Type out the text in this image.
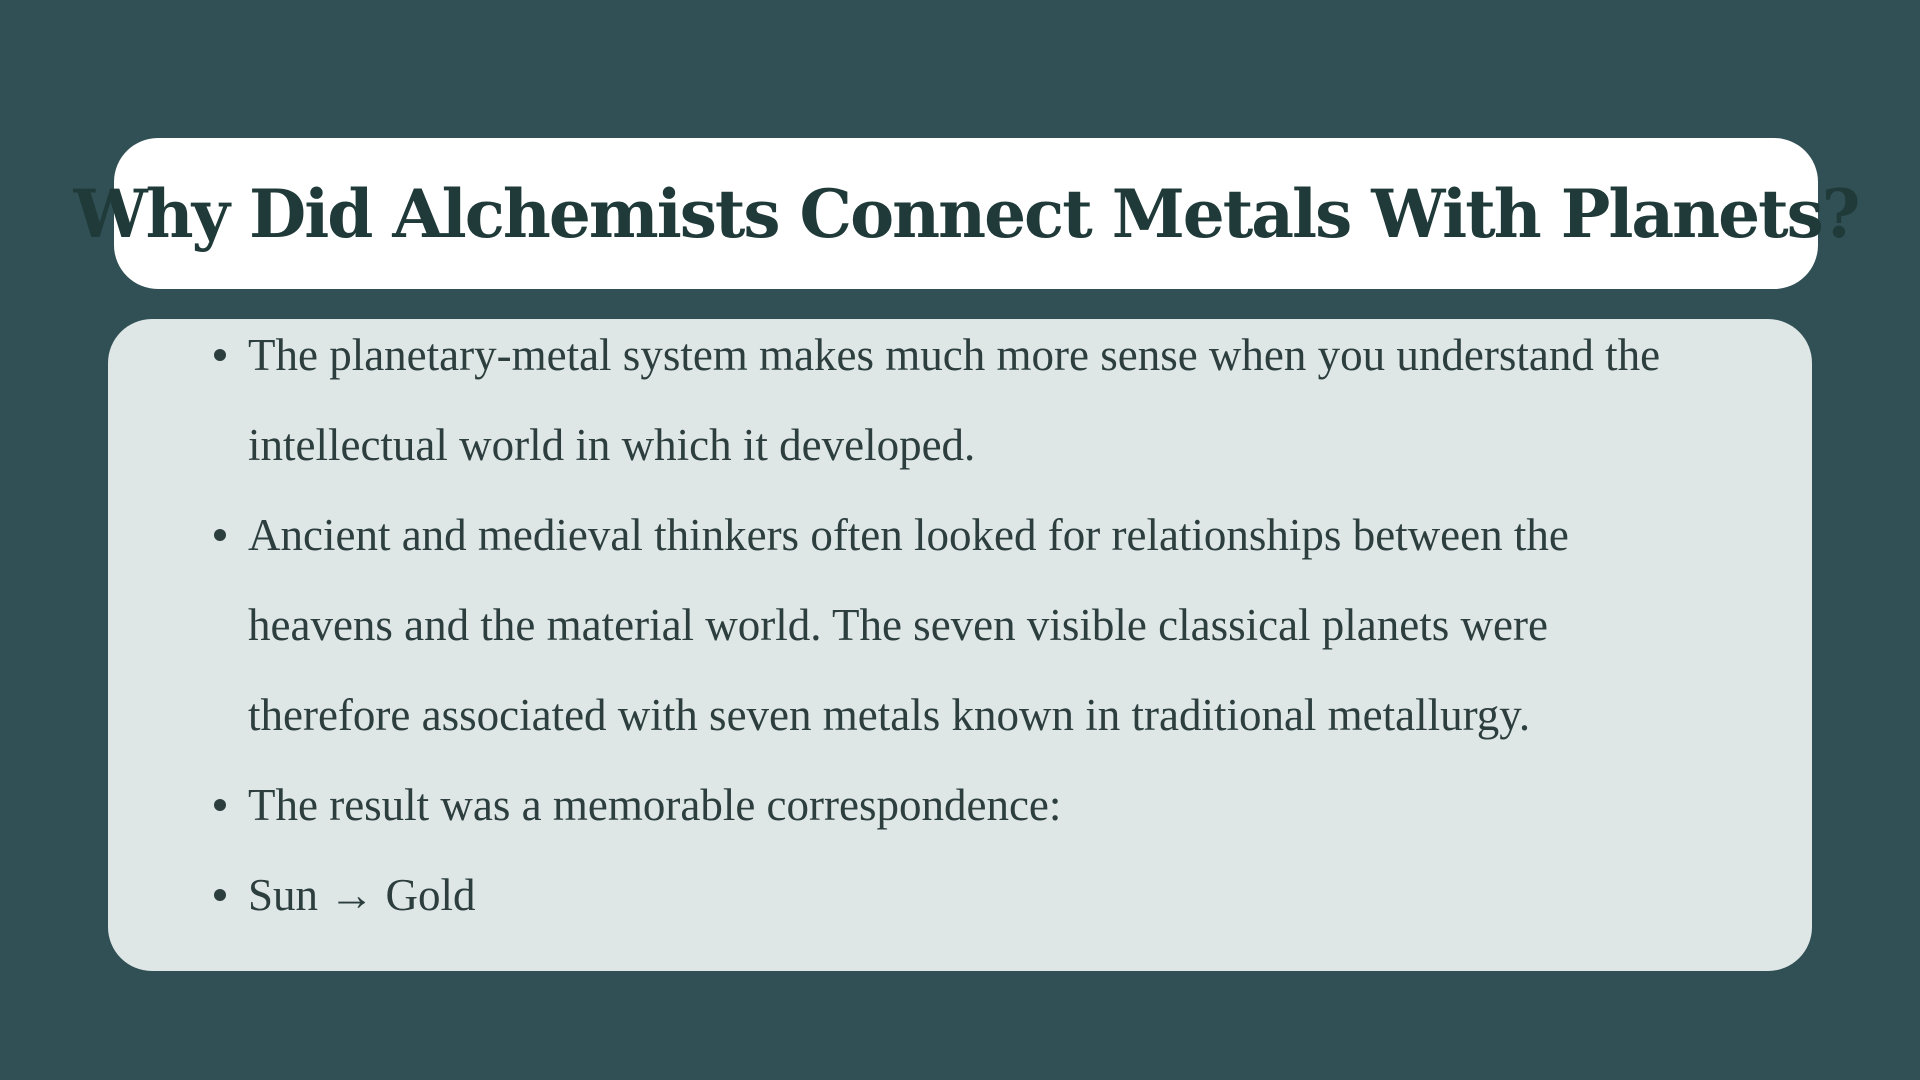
Why Did Alchemists Connect Metals With Planets?
The planetary-metal system makes much more sense when you understand the
intellectual world in which it developed.
Ancient and medieval thinkers often looked for relationships between the
heavens and the material world. The seven visible classical planets were
therefore associated with seven metals known in traditional metallurgy.
The result was a memorable correspondence:
Sun → Gold
